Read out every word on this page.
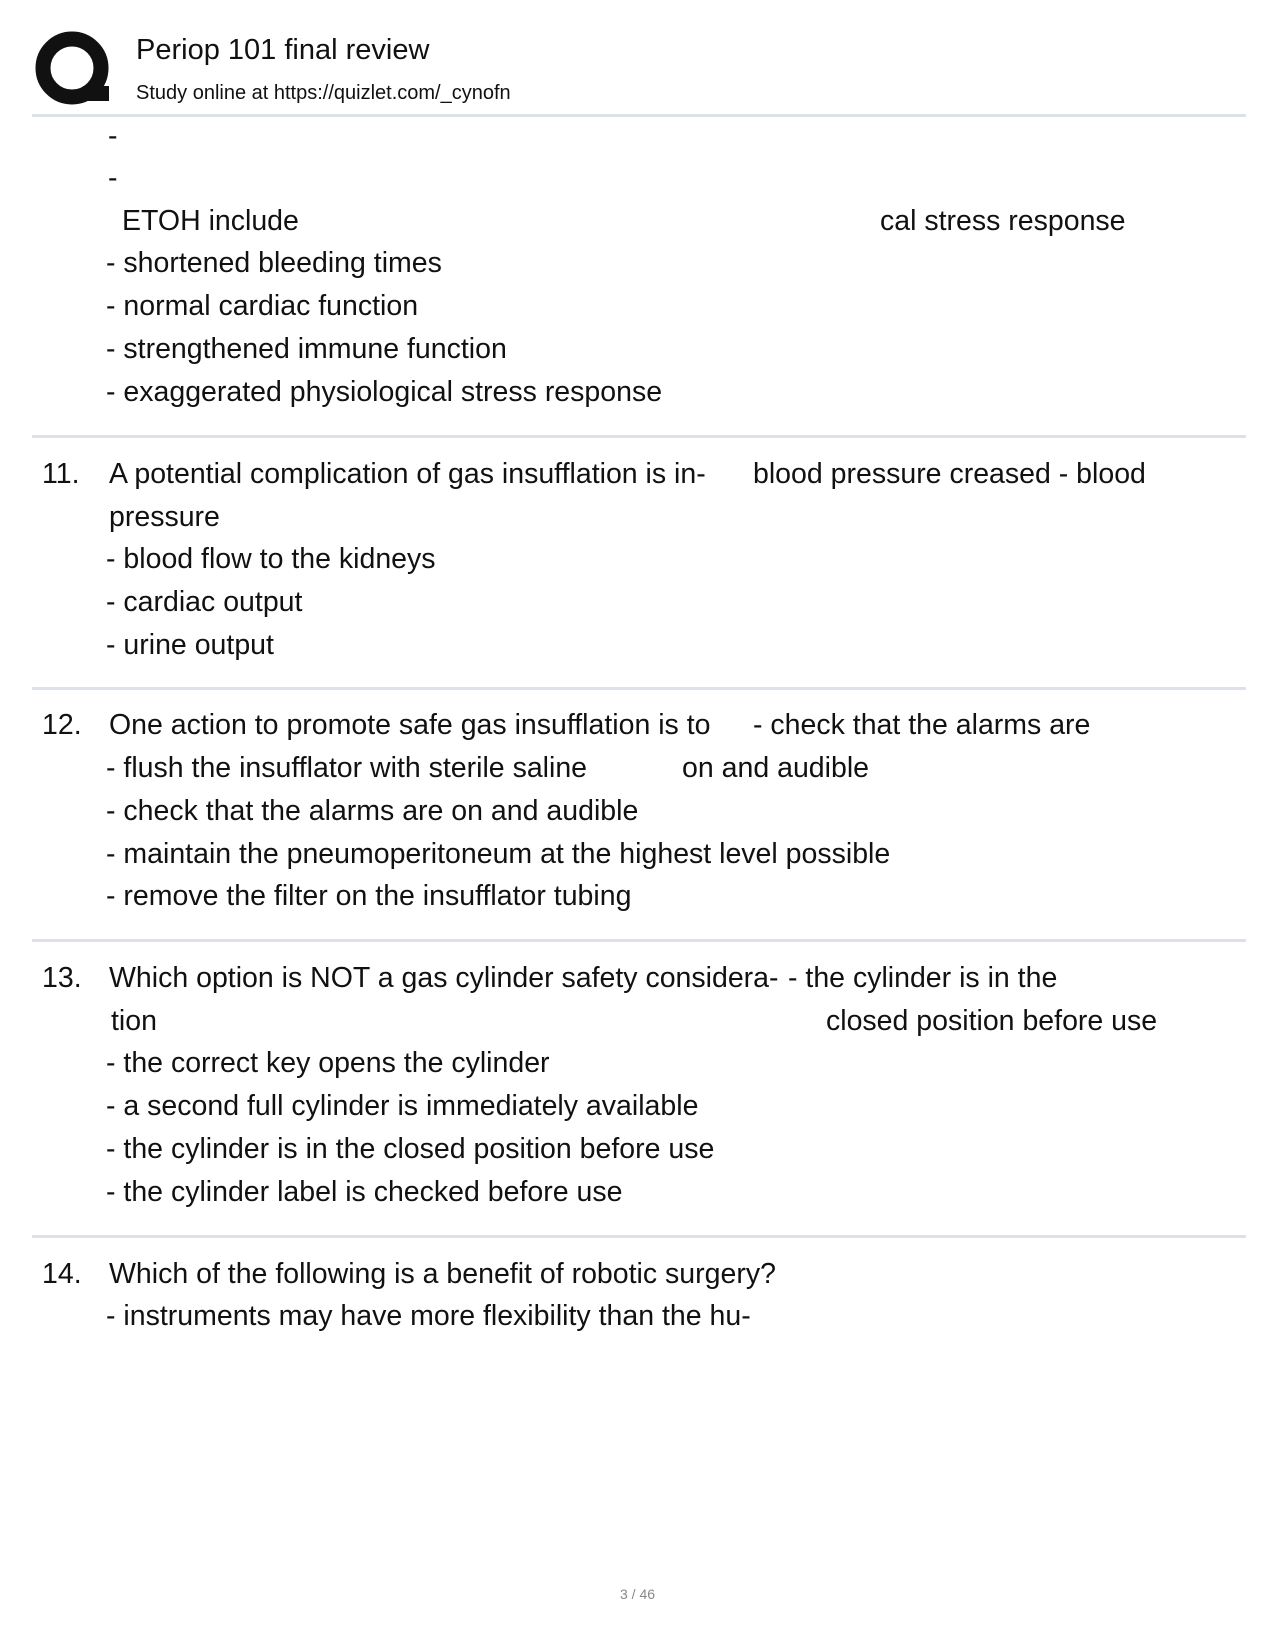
Periop 101 final review
Study online at https://quizlet.com/_cynofn
-
-
ETOH include	cal stress response
- shortened bleeding times
- normal cardiac function
- strengthened immune function
- exaggerated physiological stress response
11. A potential complication of gas insufflation is in-
pressure
blood pressure creased - blood
- blood flow to the kidneys
- cardiac output
- urine output
12. One action to promote safe gas insufflation is to - check that the alarms are
on and audible
- flush the insufflator with sterile saline
- check that the alarms are on and audible
- maintain the pneumoperitoneum at the highest level possible
- remove the filter on the insufflator tubing
13. Which option is NOT a gas cylinder safety considera-
tion
- the cylinder is in the
closed position before use
- the correct key opens the cylinder
- a second full cylinder is immediately available
- the cylinder is in the closed position before use
- the cylinder label is checked before use
14. Which of the following is a benefit of robotic surgery?
- instruments may have more flexibility than the hu-
3 / 46
